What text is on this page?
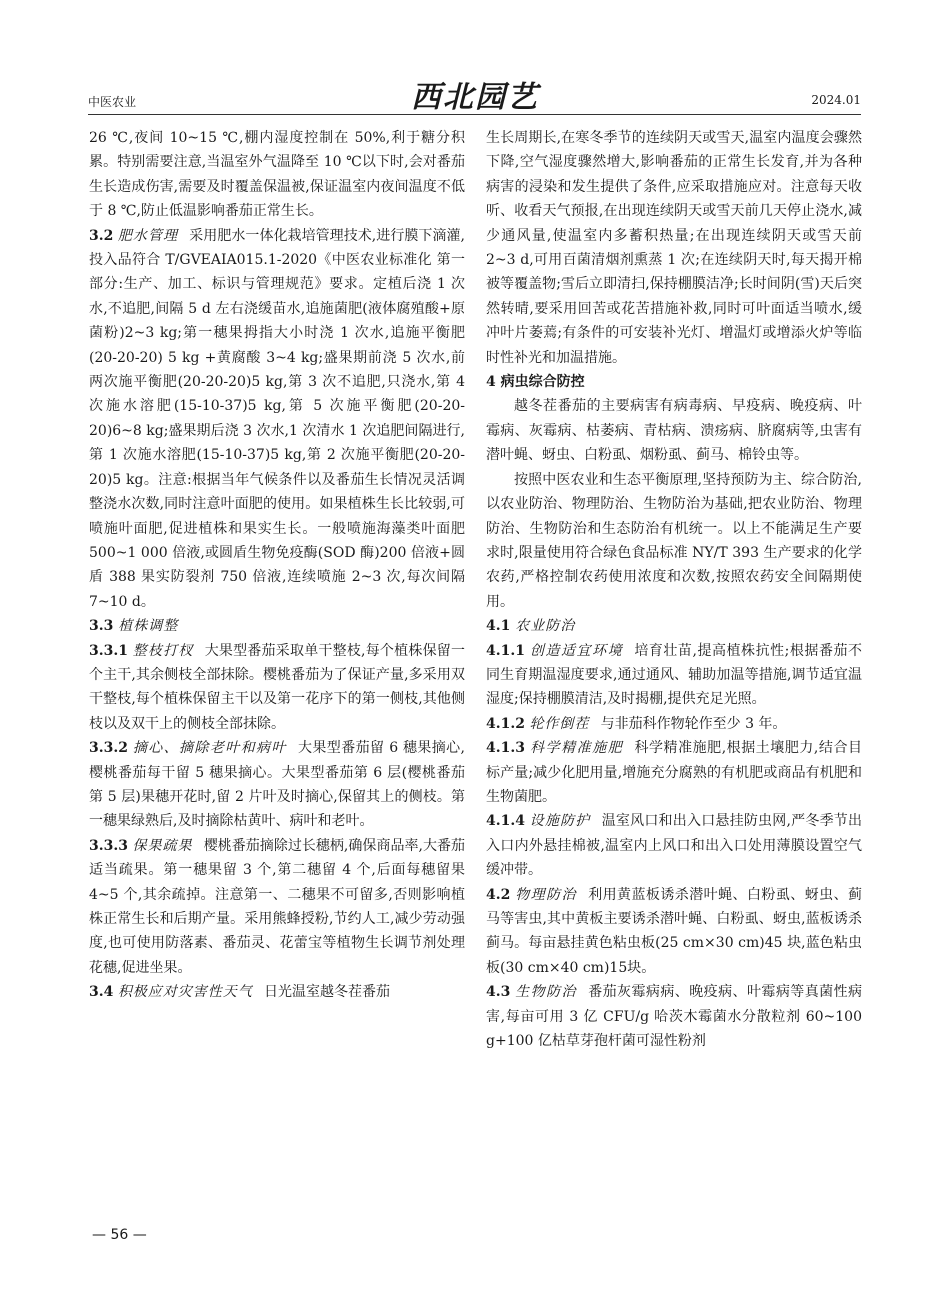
中医农业	西北园艺	2024.01

26 ℃,夜间 10~15 ℃,棚内湿度控制在 50%,利于糖分积累。特别需要注意,当温室外气温降至 10 ℃以下时,会对番茄生长造成伤害,需要及时覆盖保温被,保证温室内夜间温度不低于 8 ℃,防止低温影响番茄正常生长。

3.2 肥水管理 采用肥水一体化栽培管理技术,进行膜下滴灌,投入品符合 T/GVEAIA015.1-2020《中医农业标准化 第一部分:生产、加工、标识与管理规范》要求。定植后浇 1 次水,不追肥,间隔 5 d 左右浇缓苗水,追施菌肥(液体腐殖酸+原菌粉)2~3 kg;第一穗果拇指大小时浇 1 次水,追施平衡肥(20-20-20) 5 kg +黄腐酸 3~4 kg;盛果期前浇 5 次水,前两次施平衡肥(20-20-20)5 kg,第 3 次不追肥,只浇水,第 4 次施水溶肥(15-10-37)5 kg,第 5 次施平衡肥(20-20-20)6~8 kg;盛果期后浇 3 次水,1 次清水 1 次追肥间隔进行,第 1 次施水溶肥(15-10-37)5 kg,第 2 次施平衡肥(20-20-20)5 kg。注意:根据当年气候条件以及番茄生长情况灵活调整浇水次数,同时注意叶面肥的使用。如果植株生长比较弱,可喷施叶面肥,促进植株和果实生长。一般喷施海藻类叶面肥 500~1 000 倍液,或圆盾生物免疫酶(SOD 酶)200 倍液+圆盾 388 果实防裂剂 750 倍液,连续喷施 2~3 次,每次间隔 7~10 d。

3.3 植株调整

3.3.1 整枝打杈 大果型番茄采取单干整枝,每个植株保留一个主干,其余侧枝全部抹除。樱桃番茄为了保证产量,多采用双干整枝,每个植株保留主干以及第一花序下的第一侧枝,其他侧枝以及双干上的侧枝全部抹除。

3.3.2 摘心、摘除老叶和病叶 大果型番茄留 6 穗果摘心,樱桃番茄每干留 5 穗果摘心。大果型番茄第 6 层(樱桃番茄第 5 层)果穗开花时,留 2 片叶及时摘心,保留其上的侧枝。第一穗果绿熟后,及时摘除枯黄叶、病叶和老叶。

3.3.3 保果疏果 樱桃番茄摘除过长穗柄,确保商品率,大番茄适当疏果。第一穗果留 3 个,第二穗留 4 个,后面每穗留果 4~5 个,其余疏掉。注意第一、二穗果不可留多,否则影响植株正常生长和后期产量。采用熊蜂授粉,节约人工,减少劳动强度,也可使用防落素、番茄灵、花蕾宝等植物生长调节剂处理花穗,促进坐果。

3.4 积极应对灾害性天气 日光温室越冬茬番茄

生长周期长,在寒冬季节的连续阴天或雪天,温室内温度会骤然下降,空气湿度骤然增大,影响番茄的正常生长发育,并为各种病害的浸染和发生提供了条件,应采取措施应对。注意每天收听、收看天气预报,在出现连续阴天或雪天前几天停止浇水,减少通风量,使温室内多蓄积热量;在出现连续阴天或雪天前 2~3 d,可用百菌清烟剂熏蒸 1 次;在连续阴天时,每天揭开棉被等覆盖物;雪后立即清扫,保持棚膜洁净;长时间阴(雪)天后突然转晴,要采用回苦或花苦措施补救,同时可叶面适当喷水,缓冲叶片萎蔫;有条件的可安装补光灯、增温灯或增添火炉等临时性补光和加温措施。

4 病虫综合防控

越冬茬番茄的主要病害有病毒病、早疫病、晚疫病、叶霉病、灰霉病、枯萎病、青枯病、溃疡病、脐腐病等,虫害有潜叶蝇、蚜虫、白粉虱、烟粉虱、蓟马、棉铃虫等。

按照中医农业和生态平衡原理,坚持预防为主、综合防治,以农业防治、物理防治、生物防治为基础,把农业防治、物理防治、生物防治和生态防治有机统一。以上不能满足生产要求时,限量使用符合绿色食品标准 NY/T 393 生产要求的化学农药,严格控制农药使用浓度和次数,按照农药安全间隔期使用。

4.1 农业防治

4.1.1 创造适宜环境 培育壮苗,提高植株抗性;根据番茄不同生育期温湿度要求,通过通风、辅助加温等措施,调节适宜温湿度;保持棚膜清洁,及时揭棚,提供充足光照。

4.1.2 轮作倒茬 与非茄科作物轮作至少 3 年。

4.1.3 科学精准施肥 科学精准施肥,根据土壤肥力,结合目标产量;减少化肥用量,增施充分腐熟的有机肥或商品有机肥和生物菌肥。

4.1.4 设施防护 温室风口和出入口悬挂防虫网,严冬季节出入口内外悬挂棉被,温室内上风口和出入口处用薄膜设置空气缓冲带。

4.2 物理防治 利用黄蓝板诱杀潜叶蝇、白粉虱、蚜虫、蓟马等害虫,其中黄板主要诱杀潜叶蝇、白粉虱、蚜虫,蓝板诱杀蓟马。每亩悬挂黄色粘虫板(25 cm×30 cm)45 块,蓝色粘虫板(30 cm×40 cm)15块。

4.3 生物防治 番茄灰霉病病、晚疫病、叶霉病等真菌性病害,每亩可用 3 亿 CFU/g 哈茨木霉菌水分散粒剂 60~100 g+100 亿枯草芽孢杆菌可湿性粉剂

— 56 —
